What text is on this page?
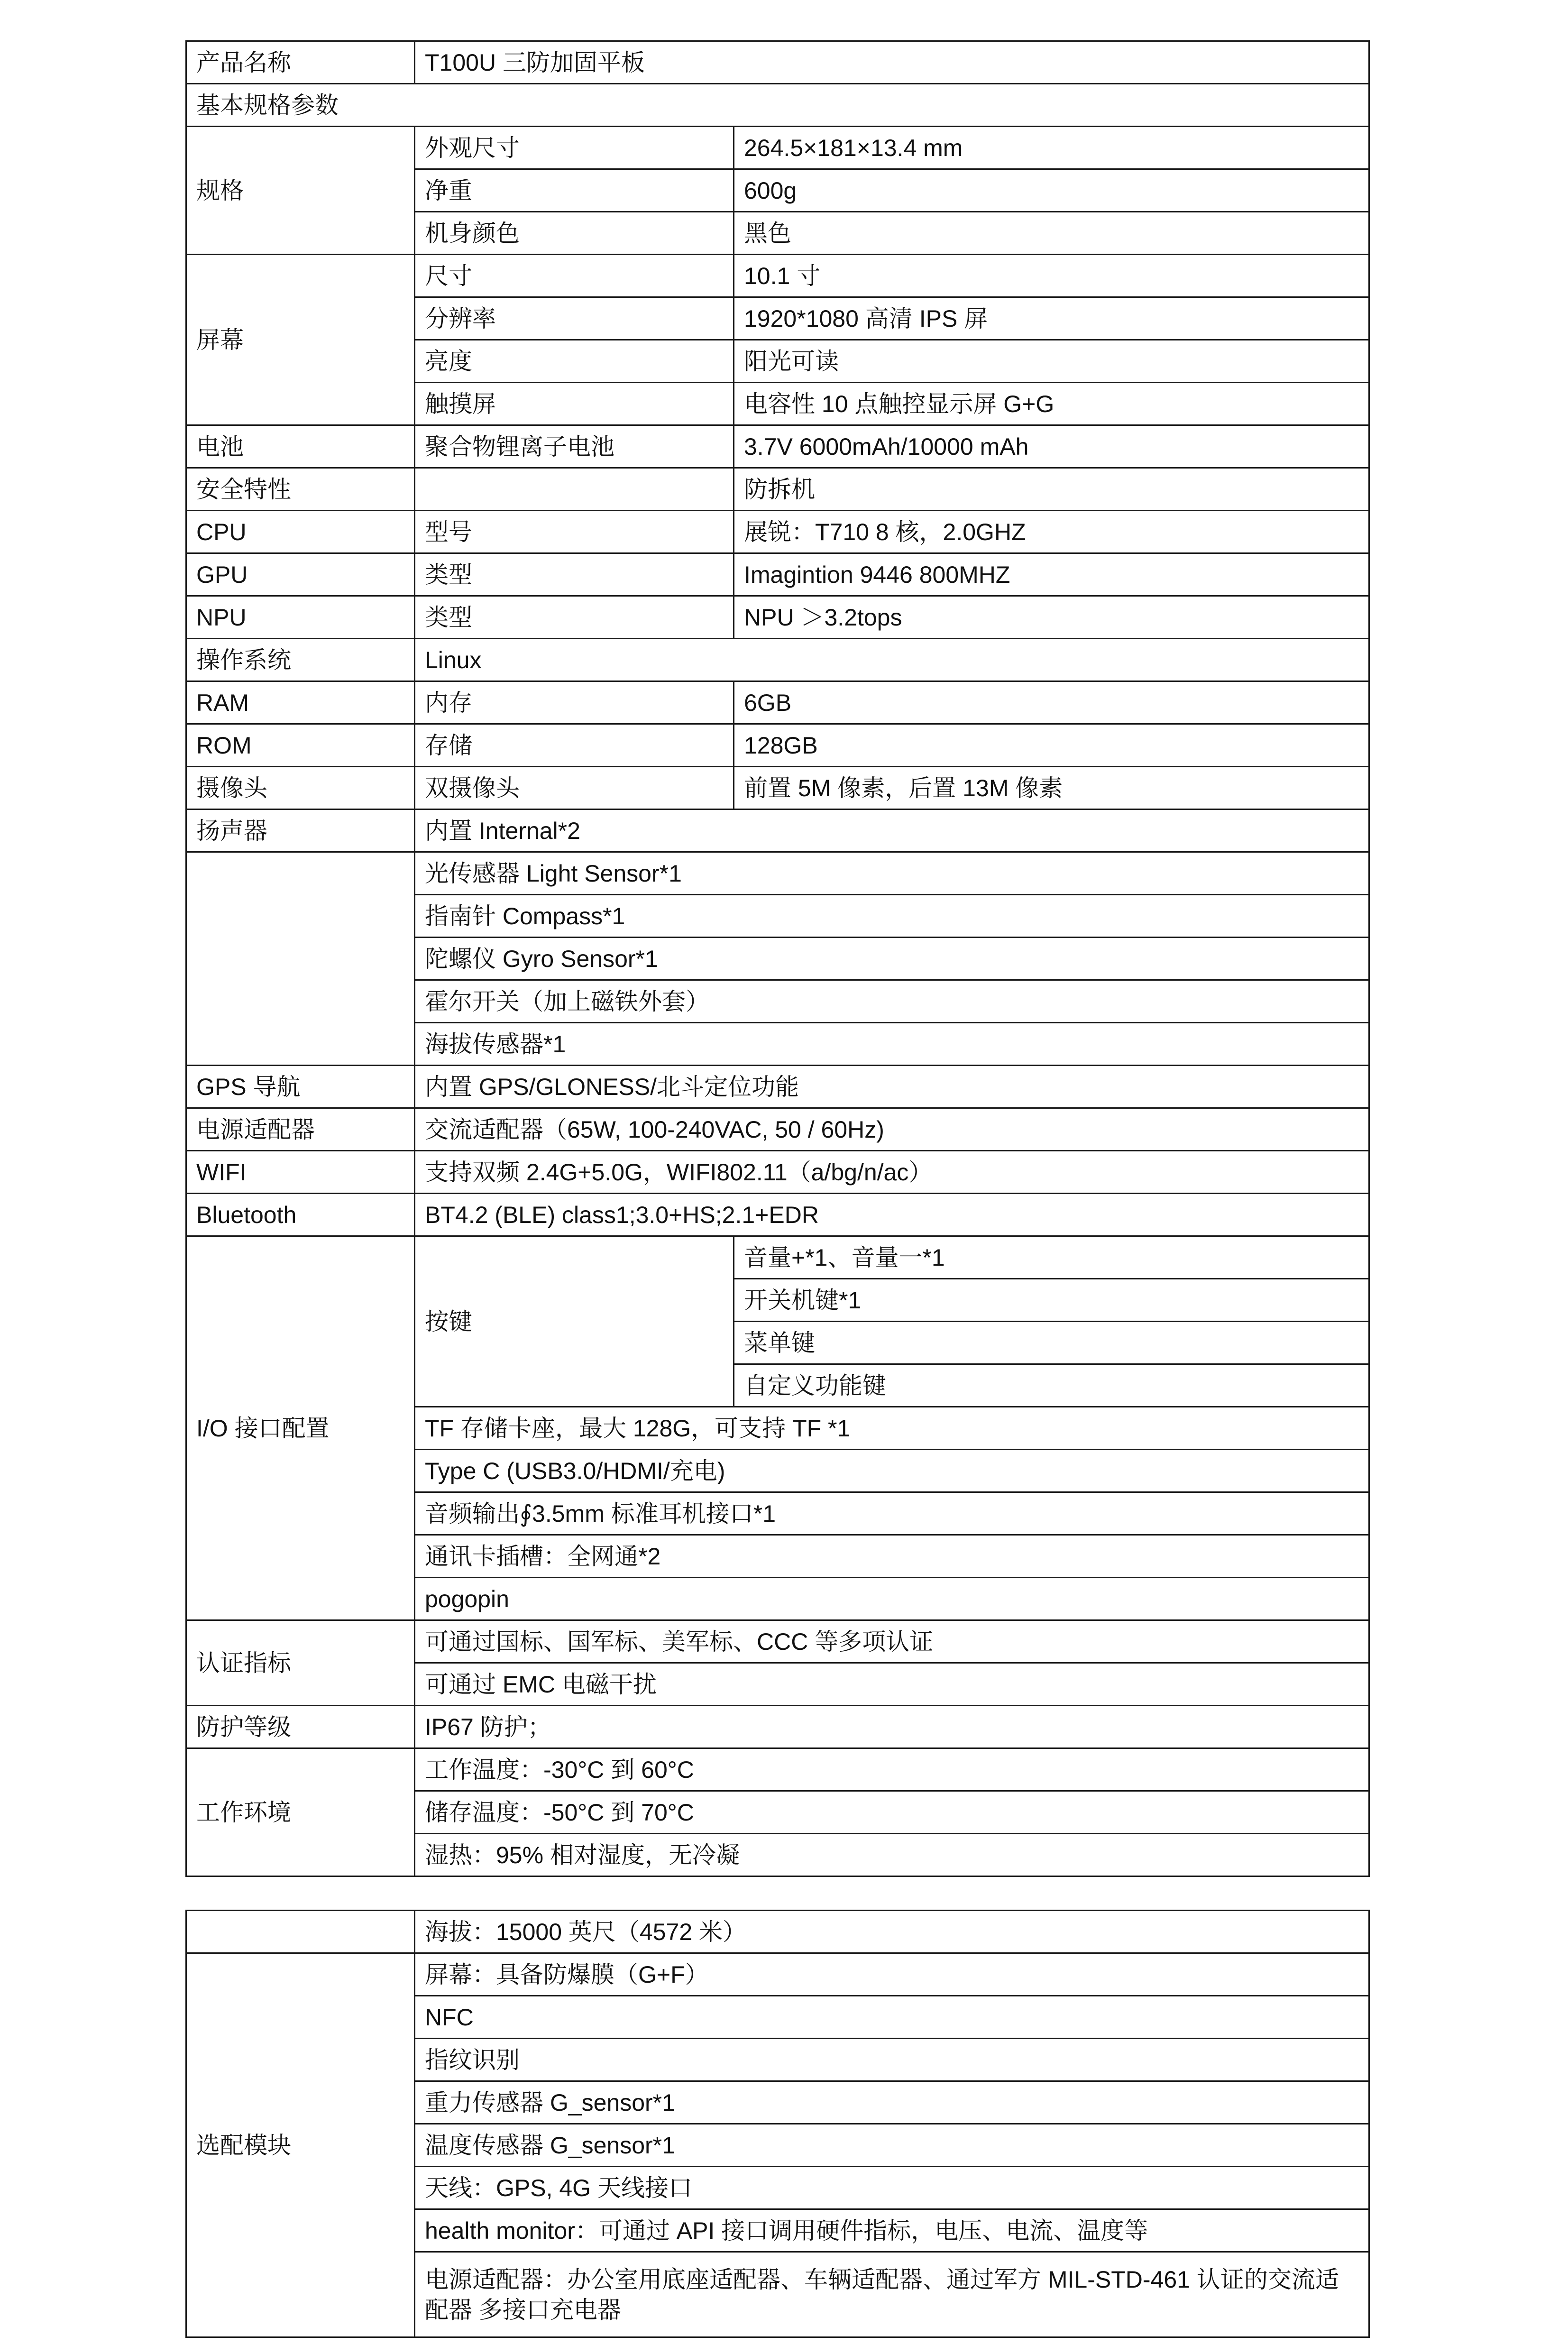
产品名称	T100U 三防加固平板	
基本规格参数		
规格	外观尺寸	264.5×181×13.4 mm
	净重	600g
	机身颜色	黑色
屏幕	尺寸	10.1 寸
	分辨率	1920*1080 高清 IPS 屏
	亮度	阳光可读
	触摸屏	电容性 10 点触控显示屏 G+G
电池	聚合物锂离子电池	3.7V 6000mAh/10000 mAh
安全特性		防拆机
CPU	型号	展锐：T710 8 核，2.0GHZ
GPU	类型	Imagintion 9446 800MHZ
NPU	类型	NPU ＞3.2tops
操作系统	Linux	
RAM	内存	6GB
ROM	存储	128GB
摄像头	双摄像头	前置 5M 像素，后置 13M 像素
扬声器	内置 Internal*2	
	光传感器 Light Sensor*1	
	指南针 Compass*1	
	陀螺仪 Gyro Sensor*1	
	霍尔开关（加上磁铁外套）	
	海拔传感器*1	
GPS 导航	内置 GPS/GLONESS/北斗定位功能	
电源适配器	交流适配器（65W, 100-240VAC, 50 / 60Hz)	
WIFI	支持双频 2.4G+5.0G，WIFI802.11（a/bg/n/ac）	
Bluetooth	BT4.2 (BLE) class1;3.0+HS;2.1+EDR	
I/O 接口配置	按键	音量+*1、音量一*1
		开关机键*1
		菜单键
		自定义功能键
	TF 存储卡座，最大 128G，可支持 TF *1	
	Type C (USB3.0/HDMI/充电)	
	音频输出∮3.5mm 标准耳机接口*1	
	通讯卡插槽：全网通*2	
	pogopin	
认证指标	可通过国标、国军标、美军标、CCC 等多项认证	
	可通过 EMC 电磁干扰	
防护等级	IP67 防护；	
工作环境	工作温度：-30°C 到 60°C	
	储存温度：-50°C 到 70°C	
	湿热：95% 相对湿度，无冷凝	
	海拔：15000 英尺（4572 米）
选配模块	屏幕：具备防爆膜（G+F）
	NFC
	指纹识别
	重力传感器 G_sensor*1
	温度传感器 G_sensor*1
	天线：GPS, 4G 天线接口
	health monitor：可通过 API 接口调用硬件指标，电压、电流、温度等
	电源适配器：办公室用底座适配器、车辆适配器、通过军方 MIL-STD-461 认证的交流适配器 多接口充电器
